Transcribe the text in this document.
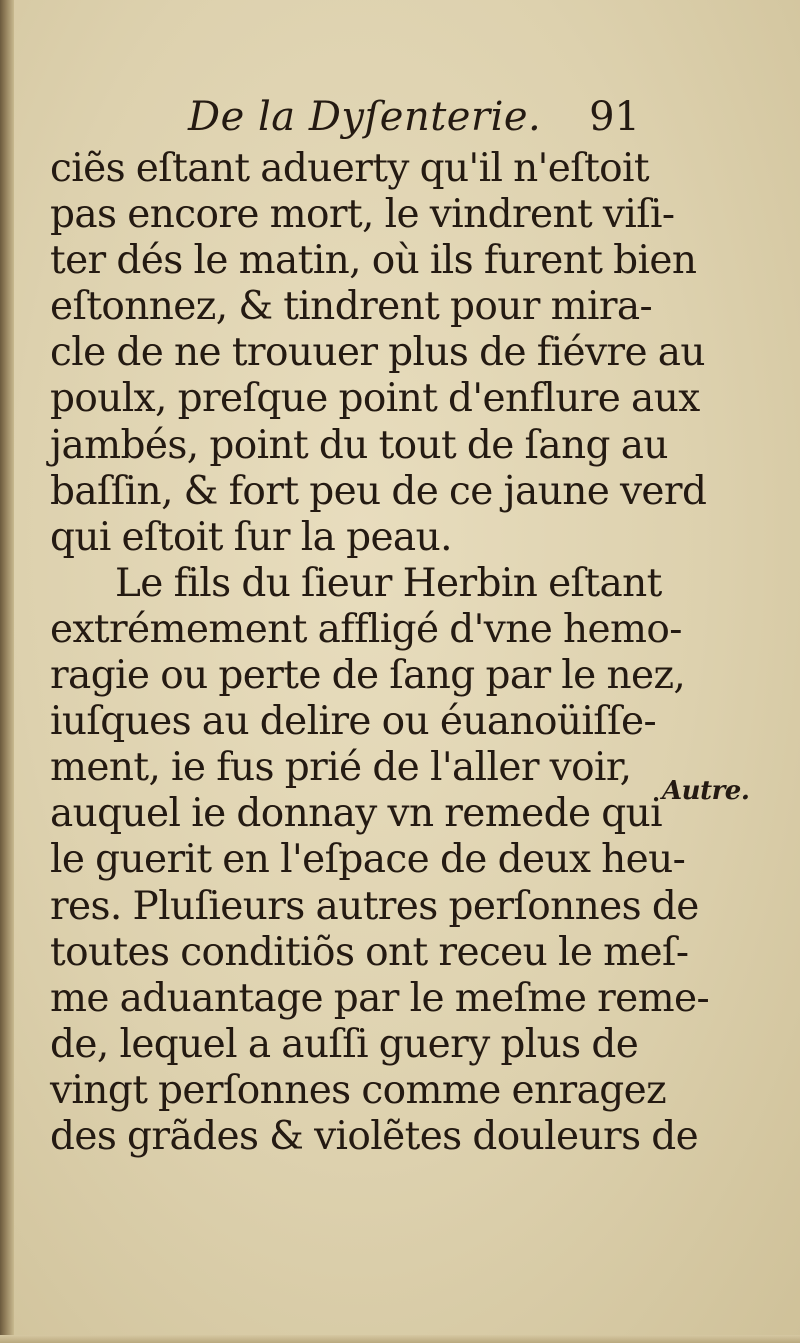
De la Dyſenterie. 91
ciẽs eſtant aduerty qu'il n'eſtoit
pas encore mort, le vindrent viſi-
ter dés le matin, où ils furent bien
eſtonnez, & tindrent pour mira-
cle de ne trouuer plus de fiévre au
poulx, preſque point d'enflure aux
jambés, point du tout de ſang au
baſſin, & fort peu de ce jaune verd
qui eſtoit ſur la peau.
Le fils du ſieur Herbin eſtant
extrémement affligé d'vne hemo-
ragie ou perte de ſang par le nez,
iuſques au delire ou éuanoüiſſe-
ment, ie fus prié de l'aller voir,
auquel ie donnay vn remede qui
le guerit en l'eſpace de deux heu-
res. Pluſieurs autres perſonnes de
toutes conditiõs ont receu le meſ-
me aduantage par le meſme reme-
de, lequel a auſſi guery plus de
vingt perſonnes comme enragez
des grãdes & violẽtes douleurs de
Autre.
